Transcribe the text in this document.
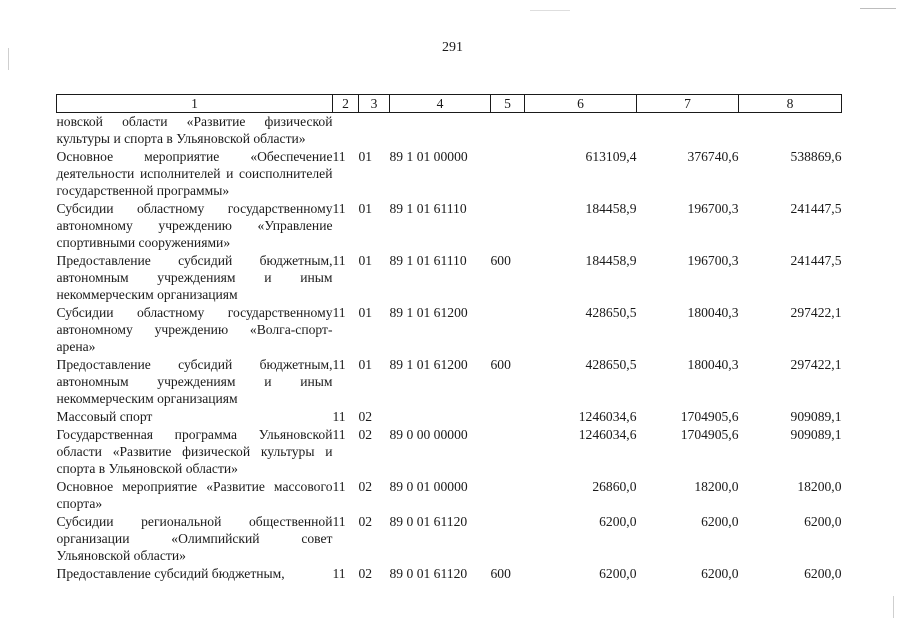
291
1	2	3	4	5	6	7	8
новской области «Развитие физической культуры и спорта в Ульяновской области»							
Основное мероприятие «Обеспечение деятельности исполнителей и соисполнителей государственной программы»	11	01	89 1 01 00000		613109,4	376740,6	538869,6
Субсидии областному государственному автономному учреждению «Управление спортивными сооружениями»	11	01	89 1 01 61110		184458,9	196700,3	241447,5
Предоставление субсидий бюджетным, автономным учреждениям и иным некоммерческим организациям	11	01	89 1 01 61110	600	184458,9	196700,3	241447,5
Субсидии областному государственному автономному учреждению «Волга-спорт-арена»	11	01	89 1 01 61200		428650,5	180040,3	297422,1
Предоставление субсидий бюджетным, автономным учреждениям и иным некоммерческим организациям	11	01	89 1 01 61200	600	428650,5	180040,3	297422,1
Массовый спорт	11	02			1246034,6	1704905,6	909089,1
Государственная программа Ульяновской области «Развитие физической культуры и спорта в Ульяновской области»	11	02	89 0 00 00000		1246034,6	1704905,6	909089,1
Основное мероприятие «Развитие массового спорта»	11	02	89 0 01 00000		26860,0	18200,0	18200,0
Субсидии региональной общественной организации «Олимпийский совет Ульяновской области»	11	02	89 0 01 61120		6200,0	6200,0	6200,0
Предоставление субсидий бюджетным,	11	02	89 0 01 61120	600	6200,0	6200,0	6200,0
